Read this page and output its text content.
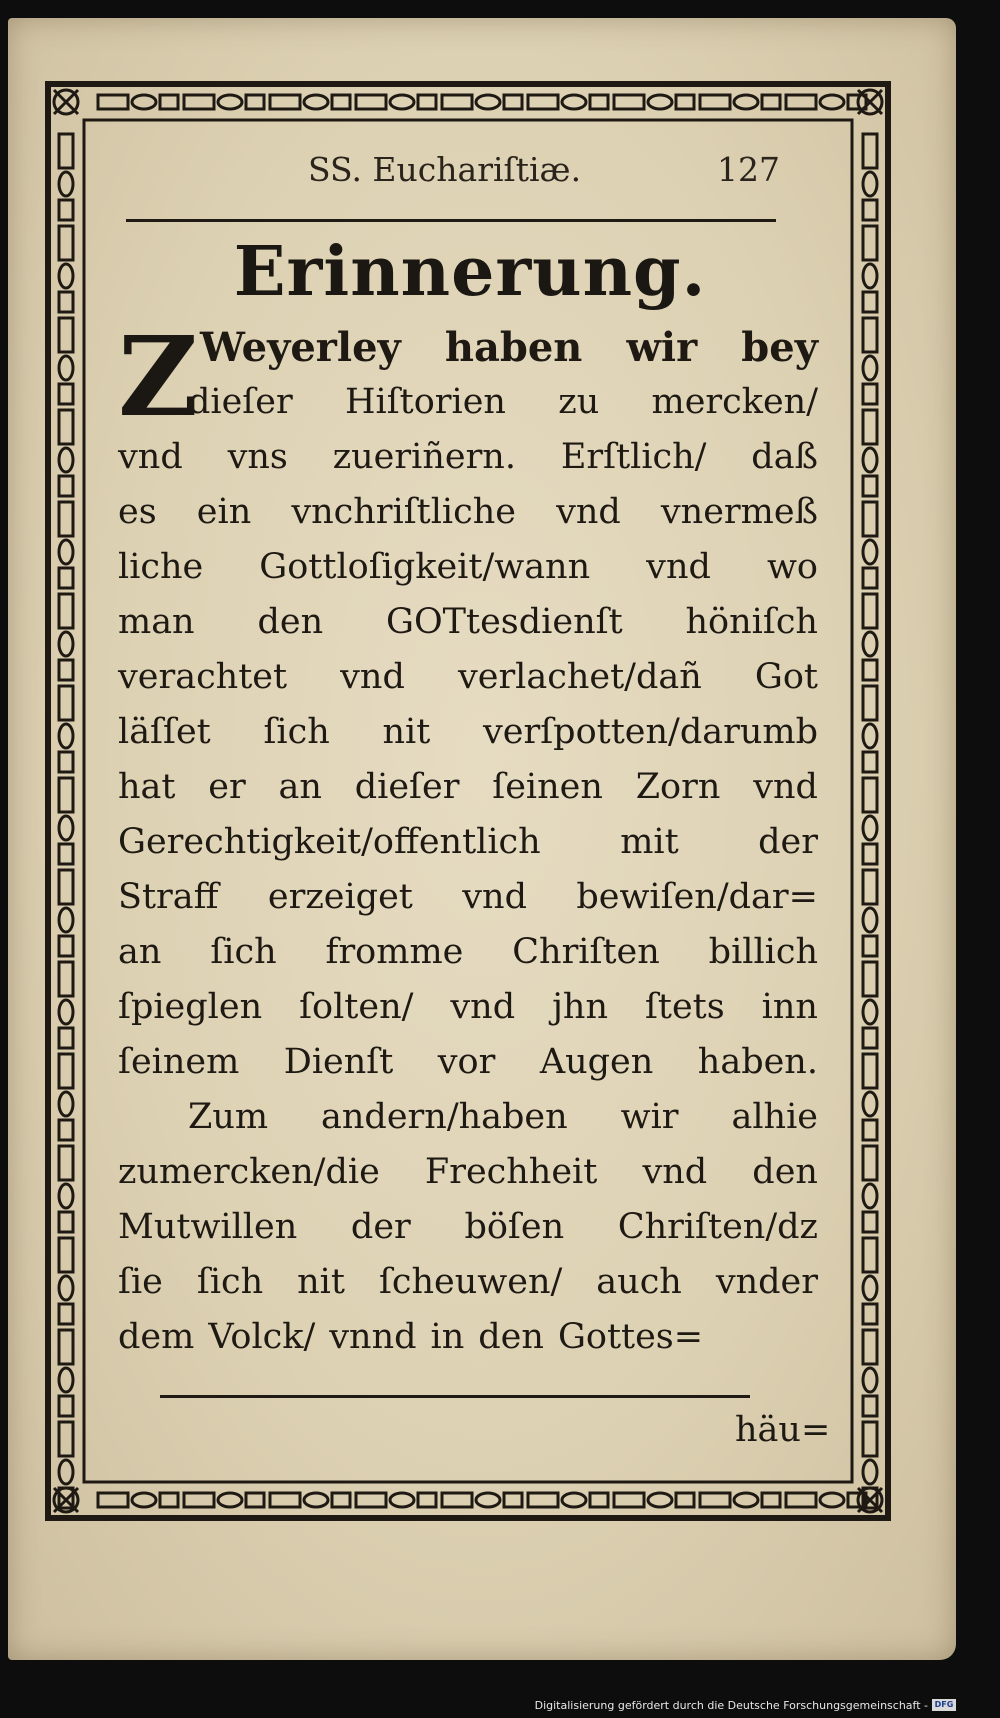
SS. Euchariſtiæ.	127
Erinnerung.
Z Weyerley haben wir bey
dieſer Hiſtorien zu mercken/
vnd vns zueriñern. Erſtlich/ daß
es ein vnchriſtliche vnd vnermeß
liche Gottloſigkeit/wann vnd wo
man den GOTtesdienſt höniſch
verachtet vnd verlachet/dañ Got
läſſet ſich nit verſpotten/darumb
hat er an dieſer ſeinen Zorn vnd
Gerechtigkeit/offentlich mit der
Straff erzeiget vnd bewiſen/dar=
an ſich fromme Chriſten billich
ſpieglen ſolten/ vnd jhn ſtets inn
ſeinem Dienſt vor Augen haben.
Zum andern/haben wir alhie
zumercken/die Frechheit vnd den
Mutwillen der böſen Chriſten/dz
ſie ſich nit ſcheuwen/ auch vnder
dem Volck/ vnnd in den Gottes=
häu=
Digitalisierung gefördert durch die Deutsche Forschungsgemeinschaft - DFG
